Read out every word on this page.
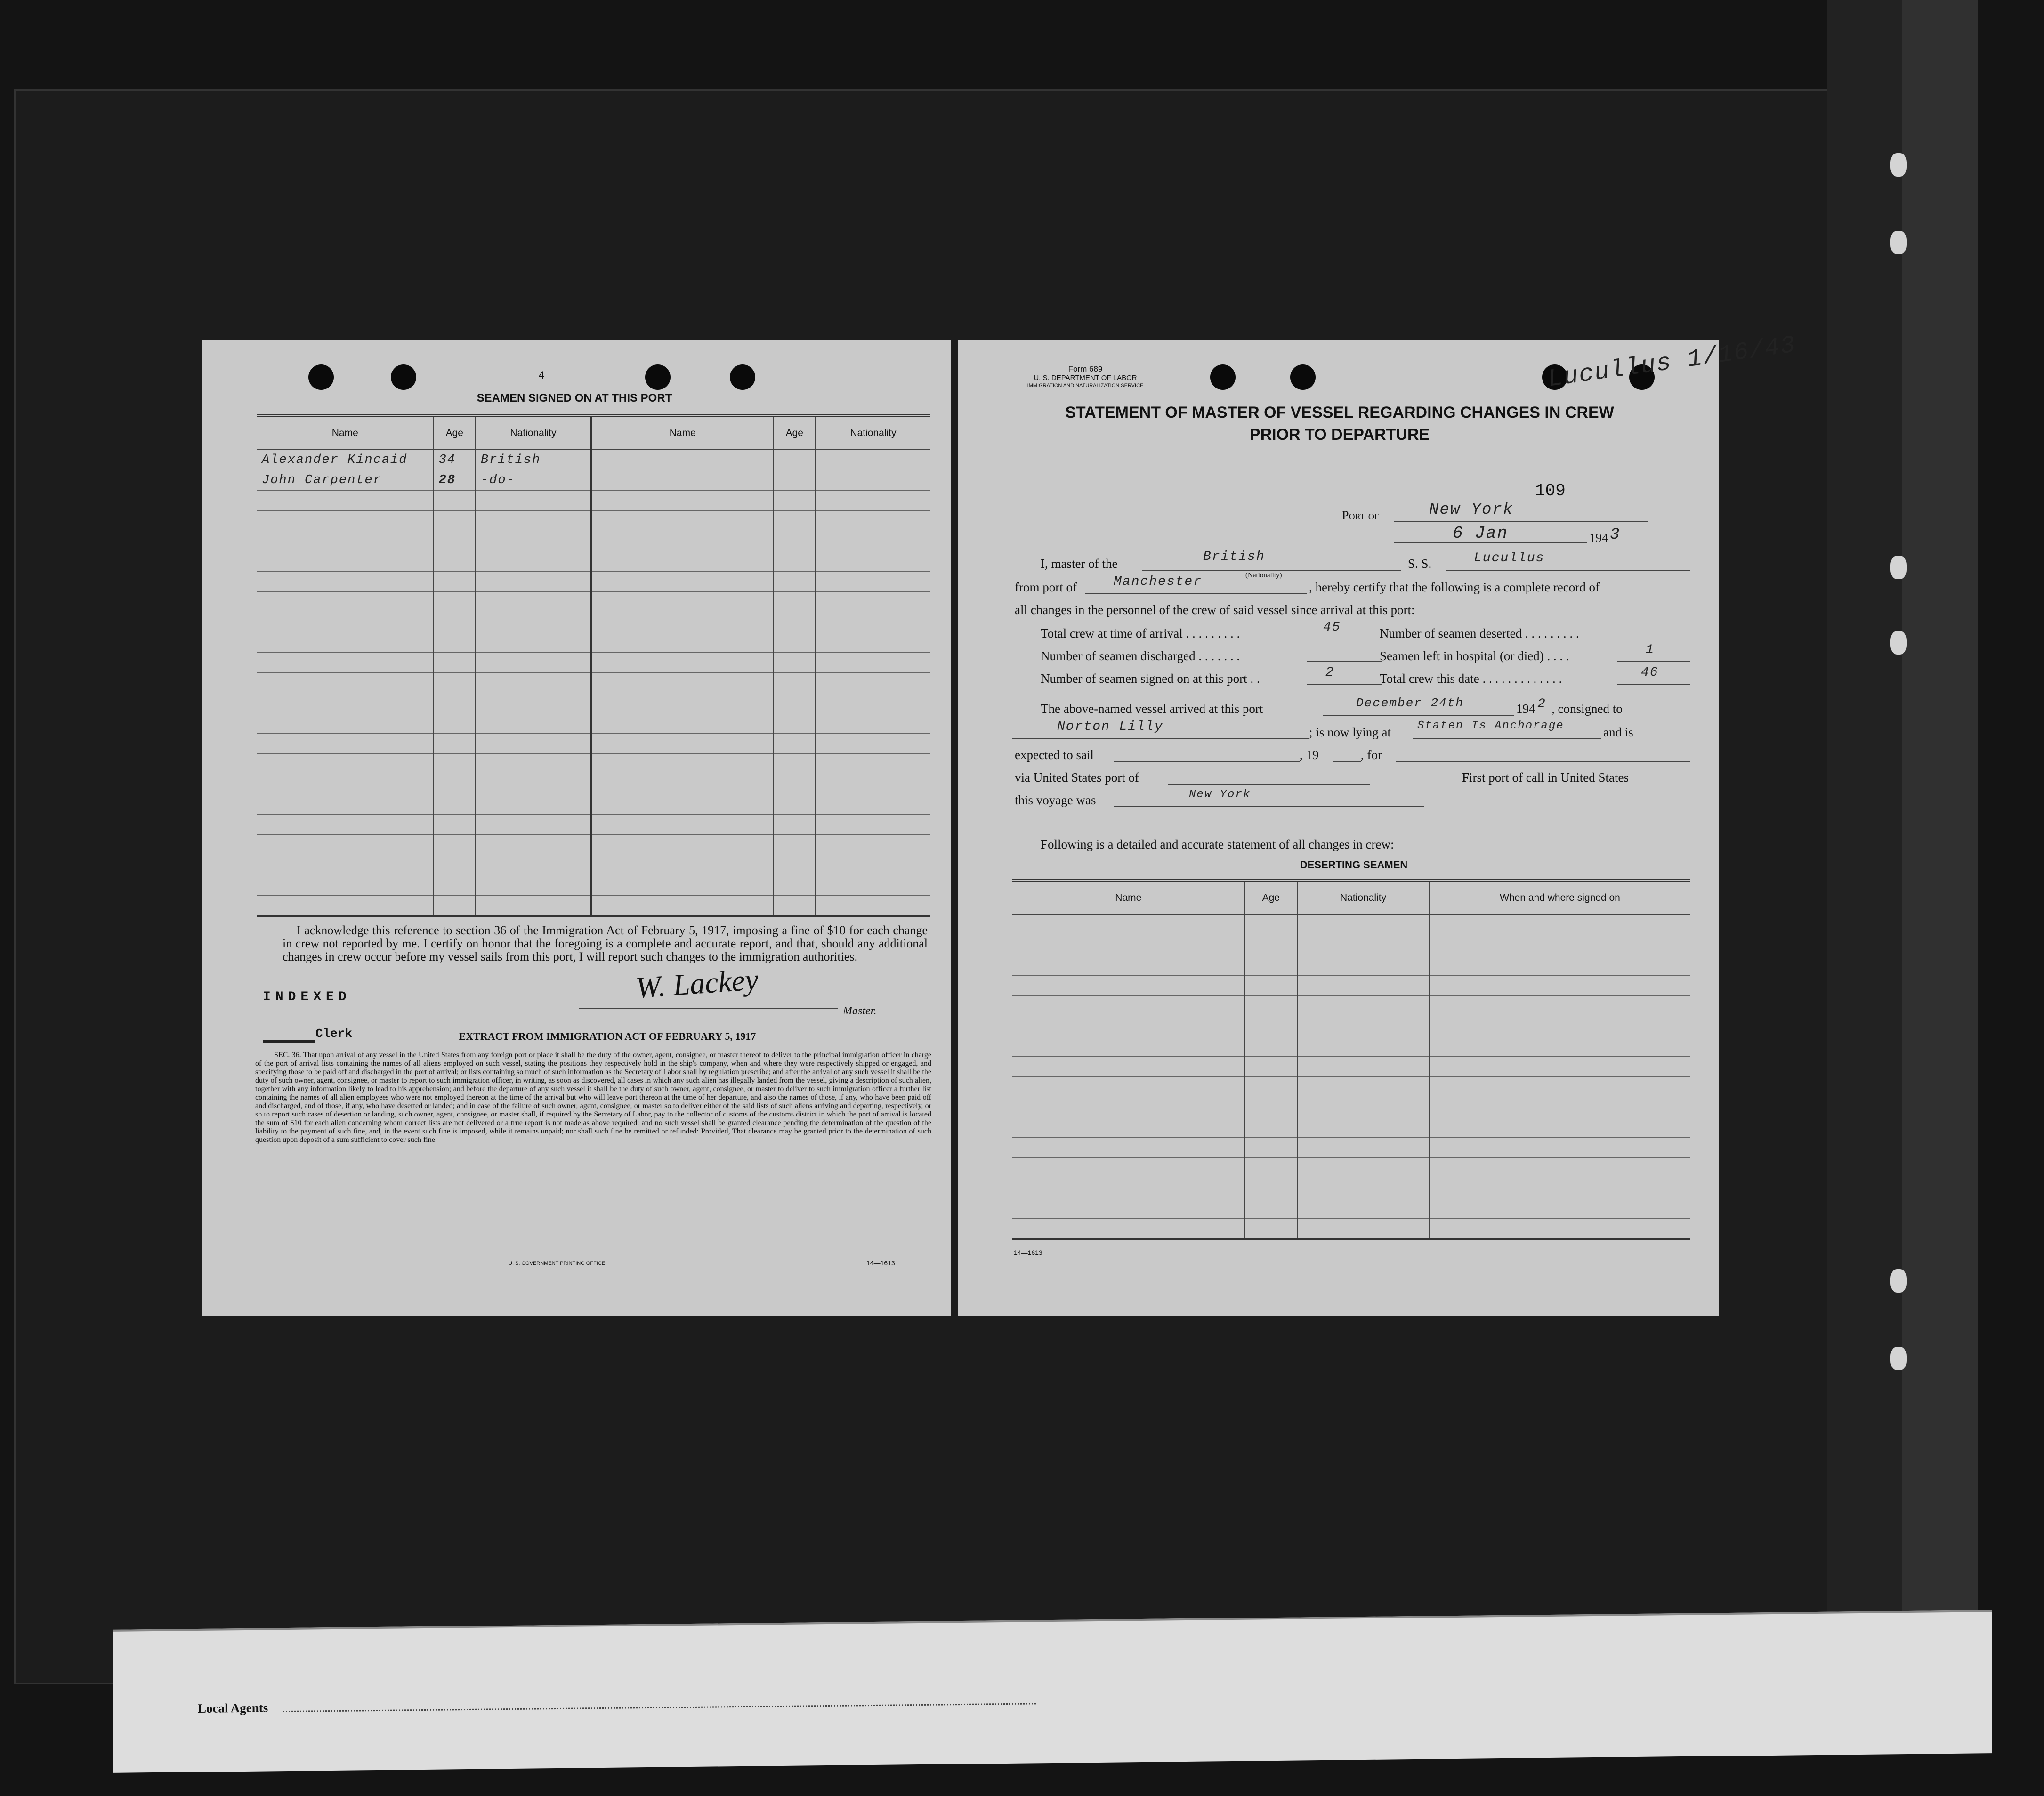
Local Agents
4
SEAMEN SIGNED ON AT THIS PORT
Name	Age	Nationality	Name	Age	Nationality
Alexander Kincaid	34	British			
John Carpenter	28	-do-			

I acknowledge this reference to section 36 of the Immigration Act of February 5, 1917, imposing a fine of $10 for each change in crew not reported by me. I certify on honor that the foregoing is a complete and accurate report, and that, should any additional changes in crew occur before my vessel sails from this port, I will report such changes to the immigration authorities.
W. Lackey
Master.
INDEXED
Clerk	EXTRACT FROM IMMIGRATION ACT OF FEBRUARY 5, 1917
SEC. 36. That upon arrival of any vessel in the United States from any foreign port or place it shall be the duty of the owner, agent, consignee, or master thereof to deliver to the principal immigration officer in charge of the port of arrival lists containing the names of all aliens employed on such vessel, stating the positions they respectively hold in the ship's company, when and where they were respectively shipped or engaged, and specifying those to be paid off and discharged in the port of arrival; or lists containing so much of such information as the Secretary of Labor shall by regulation prescribe; and after the arrival of any such vessel it shall be the duty of such owner, agent, consignee, or master to report to such immigration officer, in writing, as soon as discovered, all cases in which any such alien has illegally landed from the vessel, giving a description of such alien, together with any information likely to lead to his apprehension; and before the departure of any such vessel it shall be the duty of such owner, agent, consignee, or master to deliver to such immigration officer a further list containing the names of all alien employees who were not employed thereon at the time of the arrival but who will leave port thereon at the time of her departure, and also the names of those, if any, who have been paid off and discharged, and of those, if any, who have deserted or landed; and in case of the failure of such owner, agent, consignee, or master so to deliver either of the said lists of such aliens arriving and departing, respectively, or so to report such cases of desertion or landing, such owner, agent, consignee, or master shall, if required by the Secretary of Labor, pay to the collector of customs of the customs district in which the port of arrival is located the sum of $10 for each alien concerning whom correct lists are not delivered or a true report is not made as above required; and no such vessel shall be granted clearance pending the determination of the question of the liability to the payment of such fine, and, in the event such fine is imposed, while it remains unpaid; nor shall such fine be remitted or refunded: Provided, That clearance may be granted prior to the determination of such question upon deposit of a sum sufficient to cover such fine.
U. S. GOVERNMENT PRINTING OFFICE	14—1613
Form 689
U. S. DEPARTMENT OF LABOR
IMMIGRATION AND NATURALIZATION SERVICE	Lucullus 1/16/43
STATEMENT OF MASTER OF VESSEL REGARDING CHANGES IN CREW
PRIOR TO DEPARTURE
109
Port of	New York
6 Jan	194 3
I, master of the	British
(Nationality)
S. S.	Lucullus
from port of	Manchester	, hereby certify that the following is a complete record of
all changes in the personnel of the crew of said vessel since arrival at this port:
Total crew at time of arrival . . . . . . . . .	45	Number of seamen deserted . . . . . . . . .
Number of seamen discharged . . . . . . .	Seamen left in hospital (or died) . . . .	1
Number of seamen signed on at this port . .	2	Total crew this date . . . . . . . . . . . . .	46
The above-named vessel arrived at this port	December 24th	194 2 , consigned to
Norton Lilly	; is now lying at Staten Is Anchorage	and is
expected to sail	, 19	, for
via United States port of	First port of call in United States
this voyage was	New York
Following is a detailed and accurate statement of all changes in crew:
DESERTING SEAMEN
Name	Age	Nationality	When and where signed on

14—1613
